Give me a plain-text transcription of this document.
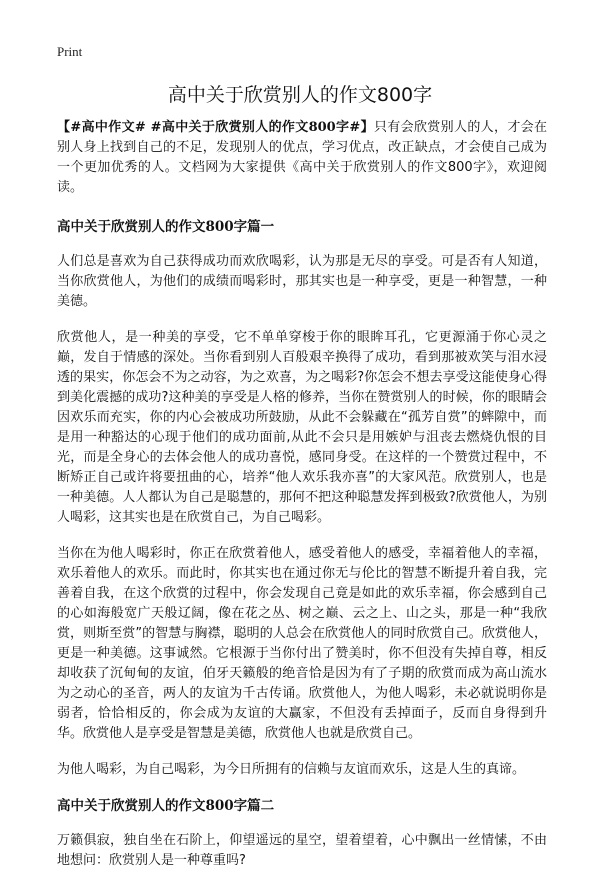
Print
高中关于欣赏别人的作文800字

【#高中作文# #高中关于欣赏别人的作文800字#】只有会欣赏别人的人，才会在别人身上找到自己的不足，发现别人的优点，学习优点，改正缺点，才会使自己成为一个更加优秀的人。文档网为大家提供《高中关于欣赏别人的作文800字》，欢迎阅读。

高中关于欣赏别人的作文800字篇一

人们总是喜欢为自己获得成功而欢欣喝彩，认为那是无尽的享受。可是否有人知道，当你欣赏他人，为他们的成绩而喝彩时，那其实也是一种享受，更是一种智慧，一种美德。

欣赏他人，是一种美的享受，它不单单穿梭于你的眼眸耳孔，它更源涌于你心灵之巅，发自于情感的深处。当你看到别人百般艰辛换得了成功，看到那被欢笑与泪水浸透的果实，你怎会不为之动容，为之欢喜，为之喝彩?你怎会不想去享受这能使身心得到美化震撼的成功?这种美的享受是人格的修养，当你在赞赏别人的时候，你的眼睛会因欢乐而充实，你的内心会被成功所鼓励，从此不会躲藏在“孤芳自赏”的蟀隙中，而是用一种豁达的心现于他们的成功面前,从此不会只是用嫉妒与沮丧去燃烧仇恨的目光，而是全身心的去体会他人的成功喜悦，感同身受。在这样的一个赞赏过程中，不断矫正自己或许将要扭曲的心，培养“他人欢乐我亦喜”的大家风范。欣赏别人，也是一种美德。人人都认为自己是聪慧的，那何不把这种聪慧发挥到极致?欣赏他人，为别人喝彩，这其实也是在欣赏自己，为自己喝彩。

当你在为他人喝彩时，你正在欣赏着他人，感受着他人的感受，幸福着他人的幸福，欢乐着他人的欢乐。而此时，你其实也在通过你无与伦比的智慧不断提升着自我，完善着自我，在这个欣赏的过程中，你会发现自己竟是如此的欢乐幸福，你会感到自己的心如海般宽广天般辽阔，像在花之丛、树之巅、云之上、山之头，那是一种“我欣赏，则斯至赏”的智慧与胸襟，聪明的人总会在欣赏他人的同时欣赏自己。欣赏他人，更是一种美德。这事诚然。它根源于当你付出了赞美时，你不但没有失掉自尊，相反却收获了沉甸甸的友谊，伯牙天籁般的绝音恰是因为有了子期的欣赏而成为高山流水为之动心的圣音，两人的友谊为千古传诵。欣赏他人，为他人喝彩，未必就说明你是弱者，恰恰相反的，你会成为友谊的大赢家，不但没有丢掉面子，反而自身得到升华。欣赏他人是享受是智慧是美德，欣赏他人也就是欣赏自己。

为他人喝彩，为自己喝彩，为今日所拥有的信赖与友谊而欢乐，这是人生的真谛。

高中关于欣赏别人的作文800字篇二

万籁俱寂，独自坐在石阶上，仰望遥远的星空，望着望着，心中飘出一丝情愫，不由地想问：欣赏别人是一种尊重吗?
